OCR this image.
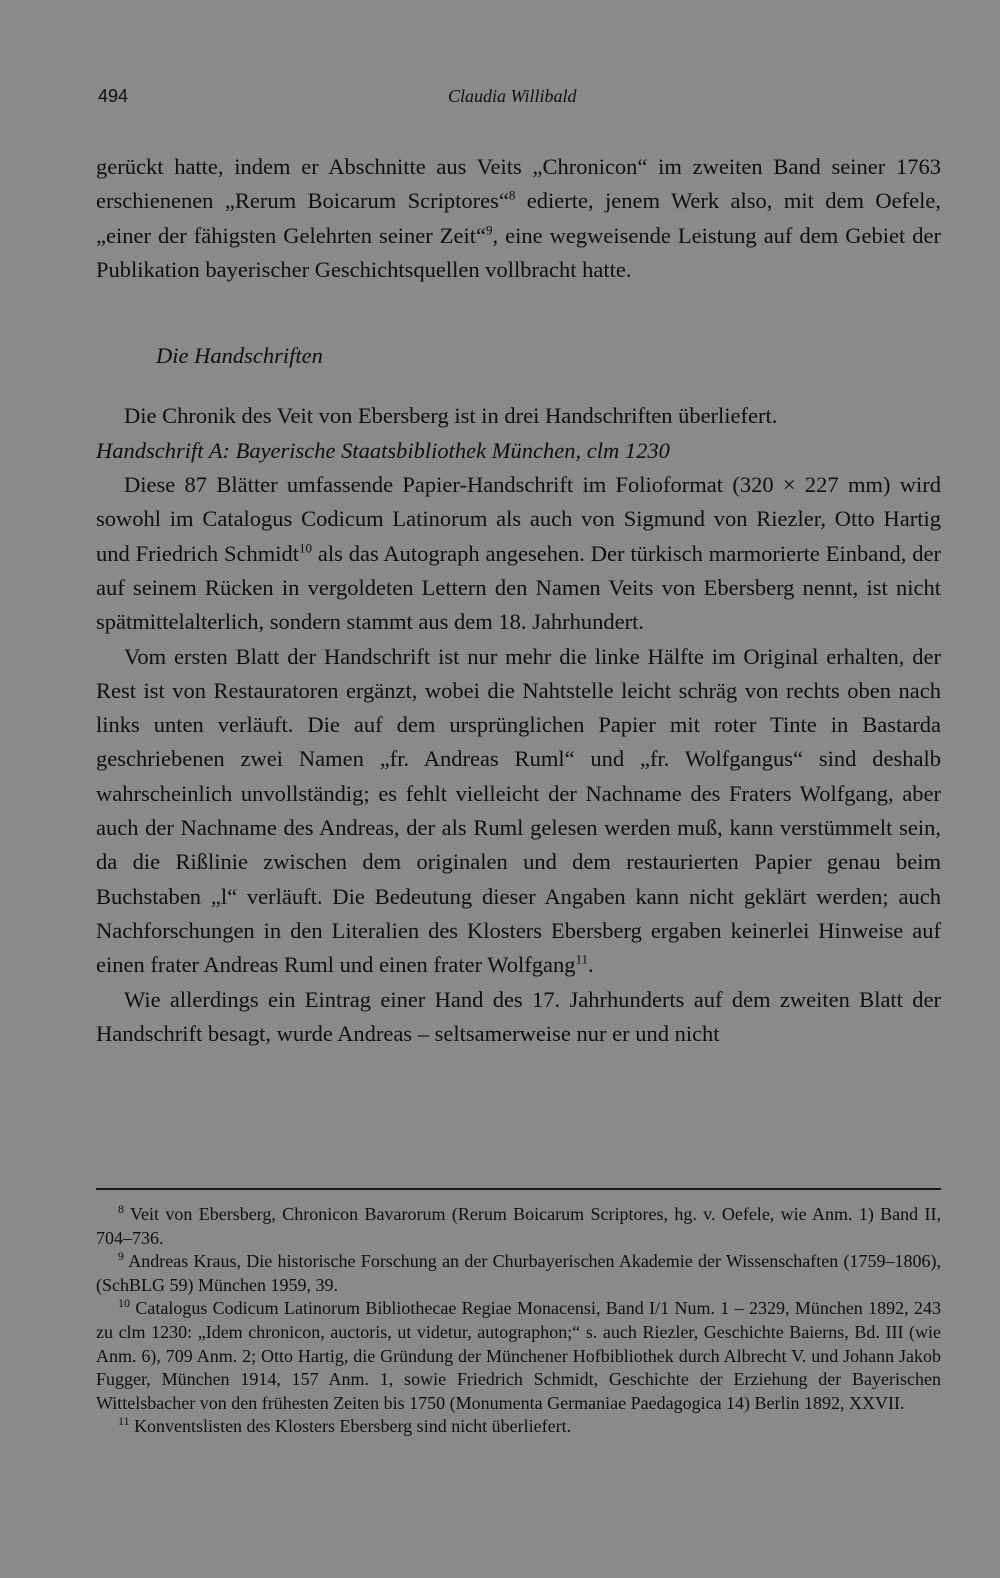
494	Claudia Willibald

gerückt hatte, indem er Abschnitte aus Veits „Chronicon“ im zweiten Band seiner 1763 erschienenen „Rerum Boicarum Scriptores“$^8$ edierte, jenem Werk also, mit dem Oefele, „einer der fähigsten Gelehrten seiner Zeit“$^9$, eine wegweisende Leistung auf dem Gebiet der Publikation bayerischer Geschichtsquellen vollbracht hatte.

Die Handschriften

Die Chronik des Veit von Ebersberg ist in drei Handschriften überliefert.

Handschrift A: Bayerische Staatsbibliothek München, clm 1230

Diese 87 Blätter umfassende Papier-Handschrift im Folioformat (320 × 227 mm) wird sowohl im Catalogus Codicum Latinorum als auch von Sigmund von Riezler, Otto Hartig und Friedrich Schmidt$^{10}$ als das Autograph angesehen. Der türkisch marmorierte Einband, der auf seinem Rücken in vergoldeten Lettern den Namen Veits von Ebersberg nennt, ist nicht spätmittelalterlich, sondern stammt aus dem 18. Jahrhundert.

Vom ersten Blatt der Handschrift ist nur mehr die linke Hälfte im Original erhalten, der Rest ist von Restauratoren ergänzt, wobei die Nahtstelle leicht schräg von rechts oben nach links unten verläuft. Die auf dem ursprünglichen Papier mit roter Tinte in Bastarda geschriebenen zwei Namen „fr. Andreas Ruml“ und „fr. Wolfgangus“ sind deshalb wahrscheinlich unvollständig; es fehlt vielleicht der Nachname des Fraters Wolfgang, aber auch der Nachname des Andreas, der als Ruml gelesen werden muß, kann verstümmelt sein, da die Rißlinie zwischen dem originalen und dem restaurierten Papier genau beim Buchstaben „l“ verläuft. Die Bedeutung dieser Angaben kann nicht geklärt werden; auch Nachforschungen in den Literalien des Klosters Ebersberg ergaben keinerlei Hinweise auf einen frater Andreas Ruml und einen frater Wolfgang$^{11}$.

Wie allerdings ein Eintrag einer Hand des 17. Jahrhunderts auf dem zweiten Blatt der Handschrift besagt, wurde Andreas – seltsamerweise nur er und nicht

$^8$ Veit von Ebersberg, Chronicon Bavarorum (Rerum Boicarum Scriptores, hg. v. Oefele, wie Anm. 1) Band II, 704–736.

$^9$ Andreas Kraus, Die historische Forschung an der Churbayerischen Akademie der Wissenschaften (1759–1806), (SchBLG 59) München 1959, 39.

$^{10}$ Catalogus Codicum Latinorum Bibliothecae Regiae Monacensi, Band I/1 Num. 1 – 2329, München 1892, 243 zu clm 1230: „Idem chronicon, auctoris, ut videtur, autographon;“ s. auch Riezler, Geschichte Baierns, Bd. III (wie Anm. 6), 709 Anm. 2; Otto Hartig, die Gründung der Münchener Hofbibliothek durch Albrecht V. und Johann Jakob Fugger, München 1914, 157 Anm. 1, sowie Friedrich Schmidt, Geschichte der Erziehung der Bayerischen Wittelsbacher von den frühesten Zeiten bis 1750 (Monumenta Germaniae Paedagogica 14) Berlin 1892, XXVII.

$^{11}$ Konventslisten des Klosters Ebersberg sind nicht überliefert.
